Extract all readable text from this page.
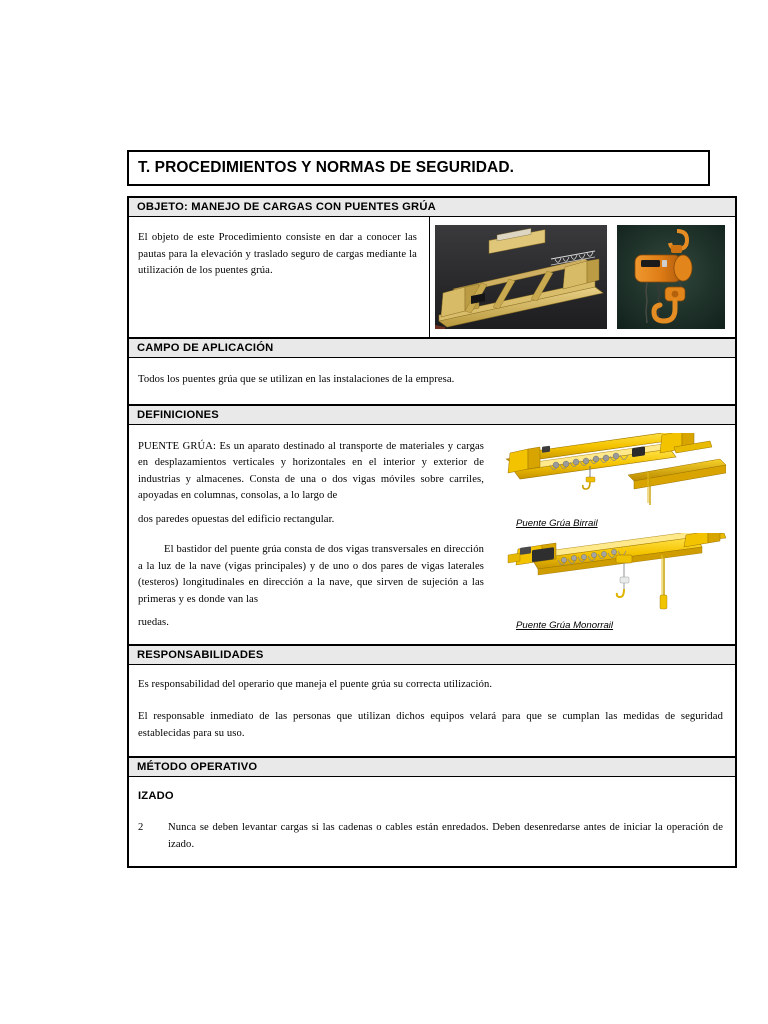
T. PROCEDIMIENTOS Y NORMAS DE SEGURIDAD.
OBJETO: MANEJO DE CARGAS CON PUENTES GRÚA

El objeto de este Procedimiento consiste en dar a conocer las pautas para la elevación y traslado seguro de cargas mediante la utilización de los puentes grúa.

CAMPO DE APLICACIÓN

Todos los puentes grúa que se utilizan en las instalaciones de la empresa.

DEFINICIONES

PUENTE GRÚA: Es un aparato destinado al transporte de materiales y cargas en desplazamientos verticales y horizontales en el interior y exterior de industrias y almacenes. Consta de una o dos vigas móviles sobre carriles, apoyadas en columnas, consolas, a lo largo de

dos paredes opuestas del edificio rectangular.

El bastidor del puente grúa consta de dos vigas transversales en dirección a la luz de la nave (vigas principales) y de uno o dos pares de vigas laterales (testeros) longitudinales en dirección a la nave, que sirven de sujeción a las primeras y es donde van las

ruedas.

Puente Grúa Birrail
Puente Grúa Monorrail
RESPONSABILIDADES

Es responsabilidad del operario que maneja el puente grúa su correcta utilización.

El responsable inmediato de las personas que utilizan dichos equipos velará para que se cumplan las medidas de seguridad establecidas para su uso.

MÉTODO OPERATIVO
IZADO
2	Nunca se deben levantar cargas si las cadenas o cables están enredados. Deben desenredarse antes de iniciar la operación de izado.
